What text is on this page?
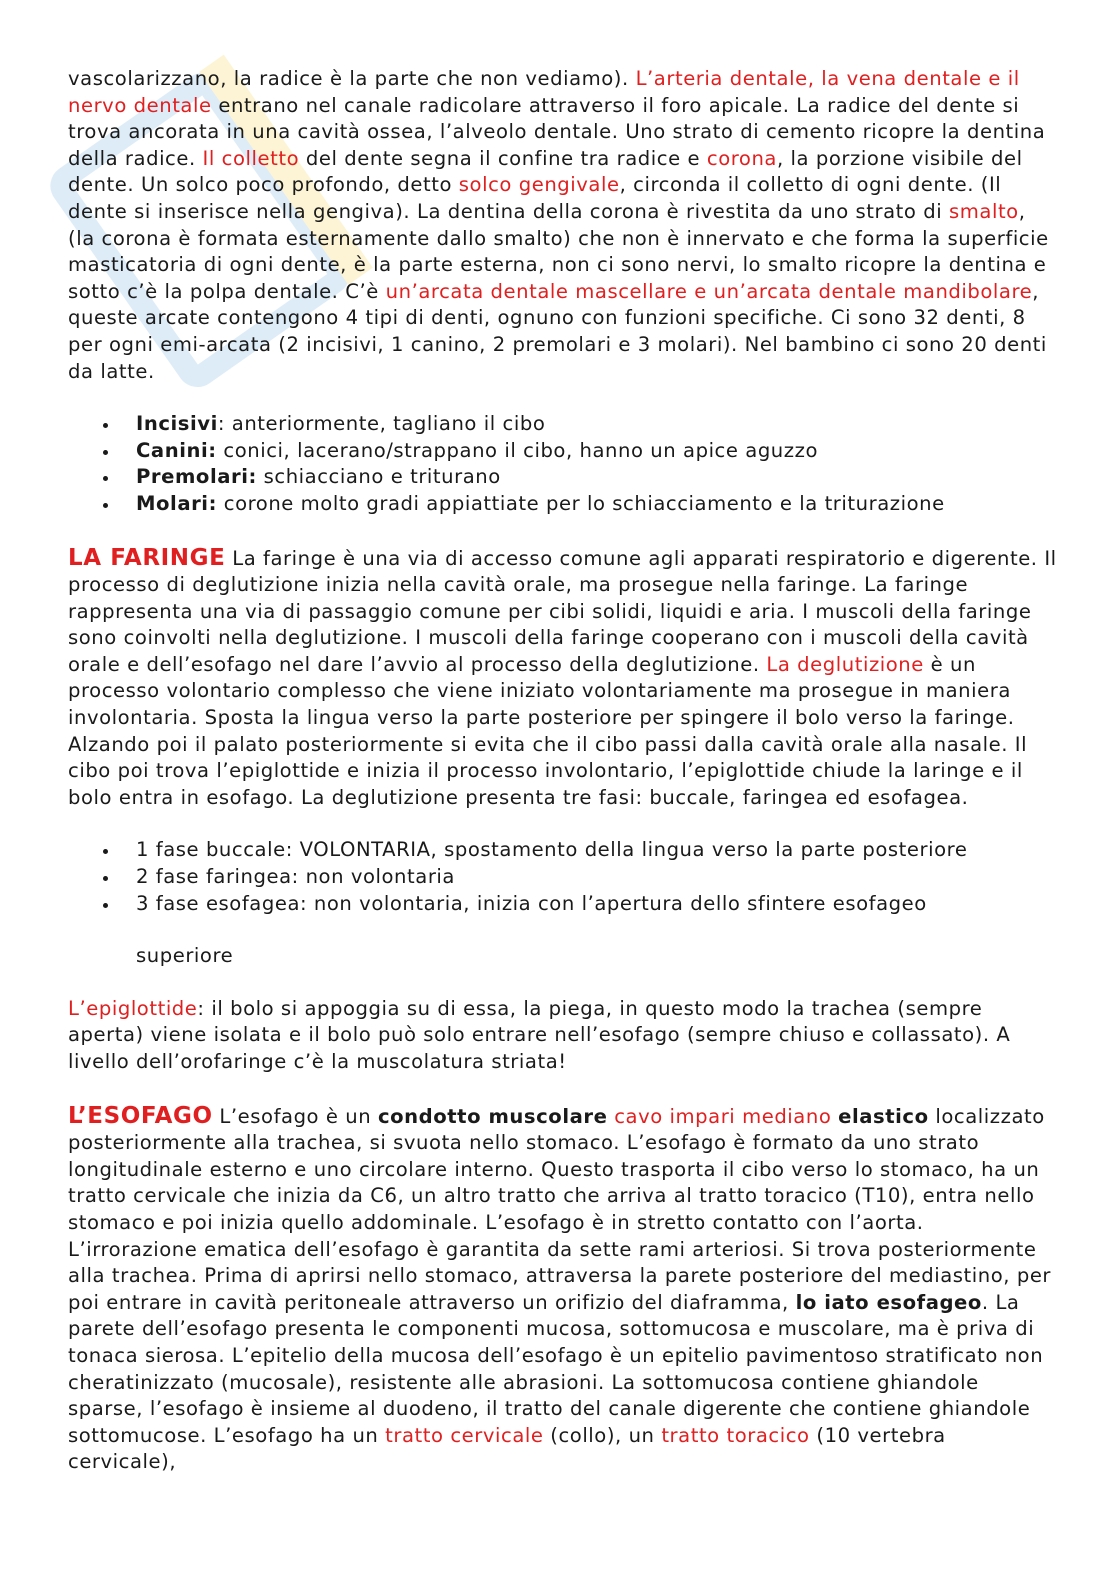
vascolarizzano, la radice è la parte che non vediamo). L’arteria dentale, la vena dentale e il nervo dentale entrano nel canale radicolare attraverso il foro apicale. La radice del dente si trova ancorata in una cavità ossea, l’alveolo dentale. Uno strato di cemento ricopre la dentina della radice. Il colletto del dente segna il confine tra radice e corona, la porzione visibile del dente. Un solco poco profondo, detto solco gengivale, circonda il colletto di ogni dente. (Il dente si inserisce nella gengiva). La dentina della corona è rivestita da uno strato di smalto, (la corona è formata esternamente dallo smalto) che non è innervato e che forma la superficie masticatoria di ogni dente, è la parte esterna, non ci sono nervi, lo smalto ricopre la dentina e sotto c’è la polpa dentale. C’è un’arcata dentale mascellare e un’arcata dentale mandibolare, queste arcate contengono 4 tipi di denti, ognuno con funzioni specifiche. Ci sono 32 denti, 8 per ogni emi-arcata (2 incisivi, 1 canino, 2 premolari e 3 molari). Nel bambino ci sono 20 denti da latte.

Incisivi: anteriormente, tagliano il cibo
Canini: conici, lacerano/strappano il cibo, hanno un apice aguzzo
Premolari: schiacciano e triturano
Molari: corone molto gradi appiattiate per lo schiacciamento e la triturazione

LA FARINGE La faringe è una via di accesso comune agli apparati respiratorio e digerente. Il processo di deglutizione inizia nella cavità orale, ma prosegue nella faringe. La faringe rappresenta una via di passaggio comune per cibi solidi, liquidi e aria. I muscoli della faringe sono coinvolti nella deglutizione. I muscoli della faringe cooperano con i muscoli della cavità orale e dell’esofago nel dare l’avvio al processo della deglutizione. La deglutizione è un processo volontario complesso che viene iniziato volontariamente ma prosegue in maniera involontaria. Sposta la lingua verso la parte posteriore per spingere il bolo verso la faringe. Alzando poi il palato posteriormente si evita che il cibo passi dalla cavità orale alla nasale. Il cibo poi trova l’epiglottide e inizia il processo involontario, l’epiglottide chiude la laringe e il bolo entra in esofago. La deglutizione presenta tre fasi: buccale, faringea ed esofagea.

1 fase buccale: VOLONTARIA, spostamento della lingua verso la parte posteriore
2 fase faringea: non volontaria
3 fase esofagea: non volontaria, inizia con l’apertura dello sfintere esofageo

superiore

L’epiglottide: il bolo si appoggia su di essa, la piega, in questo modo la trachea (sempre aperta) viene isolata e il bolo può solo entrare nell’esofago (sempre chiuso e collassato). A livello dell’orofaringe c’è la muscolatura striata!

L’ESOFAGO L’esofago è un condotto muscolare cavo impari mediano elastico localizzato posteriormente alla trachea, si svuota nello stomaco. L’esofago è formato da uno strato longitudinale esterno e uno circolare interno. Questo trasporta il cibo verso lo stomaco, ha un tratto cervicale che inizia da C6, un altro tratto che arriva al tratto toracico (T10), entra nello stomaco e poi inizia quello addominale. L’esofago è in stretto contatto con l’aorta. L’irrorazione ematica dell’esofago è garantita da sette rami arteriosi. Si trova posteriormente alla trachea. Prima di aprirsi nello stomaco, attraversa la parete posteriore del mediastino, per poi entrare in cavità peritoneale attraverso un orifizio del diaframma, lo iato esofageo. La parete dell’esofago presenta le componenti mucosa, sottomucosa e muscolare, ma è priva di tonaca sierosa. L’epitelio della mucosa dell’esofago è un epitelio pavimentoso stratificato non cheratinizzato (mucosale), resistente alle abrasioni. La sottomucosa contiene ghiandole sparse, l’esofago è insieme al duodeno, il tratto del canale digerente che contiene ghiandole sottomucose. L’esofago ha un tratto cervicale (collo), un tratto toracico (10 vertebra cervicale),
